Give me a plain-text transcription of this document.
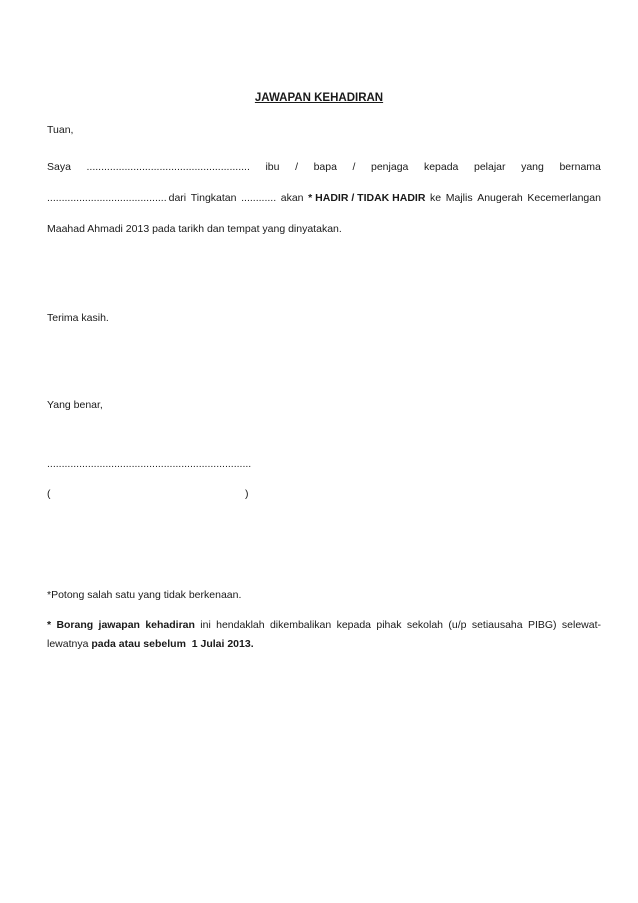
JAWAPAN KEHADIRAN
Tuan,
Saya ........................................................ ibu / bapa / penjaga kepada pelajar yang bernama
......................................... dari Tingkatan ............ akan * HADIR / TIDAK HADIR ke Majlis Anugerah Kecemerlangan
Maahad Ahmadi 2013 pada tarikh dan tempat yang dinyatakan.
Terima kasih.
Yang benar,
......................................................................
(	)
*Potong salah satu yang tidak berkenaan.
* Borang jawapan kehadiran ini hendaklah dikembalikan kepada pihak sekolah (u/p setiausaha PIBG) selewat-
lewatnya pada atau sebelum  1 Julai 2013.
